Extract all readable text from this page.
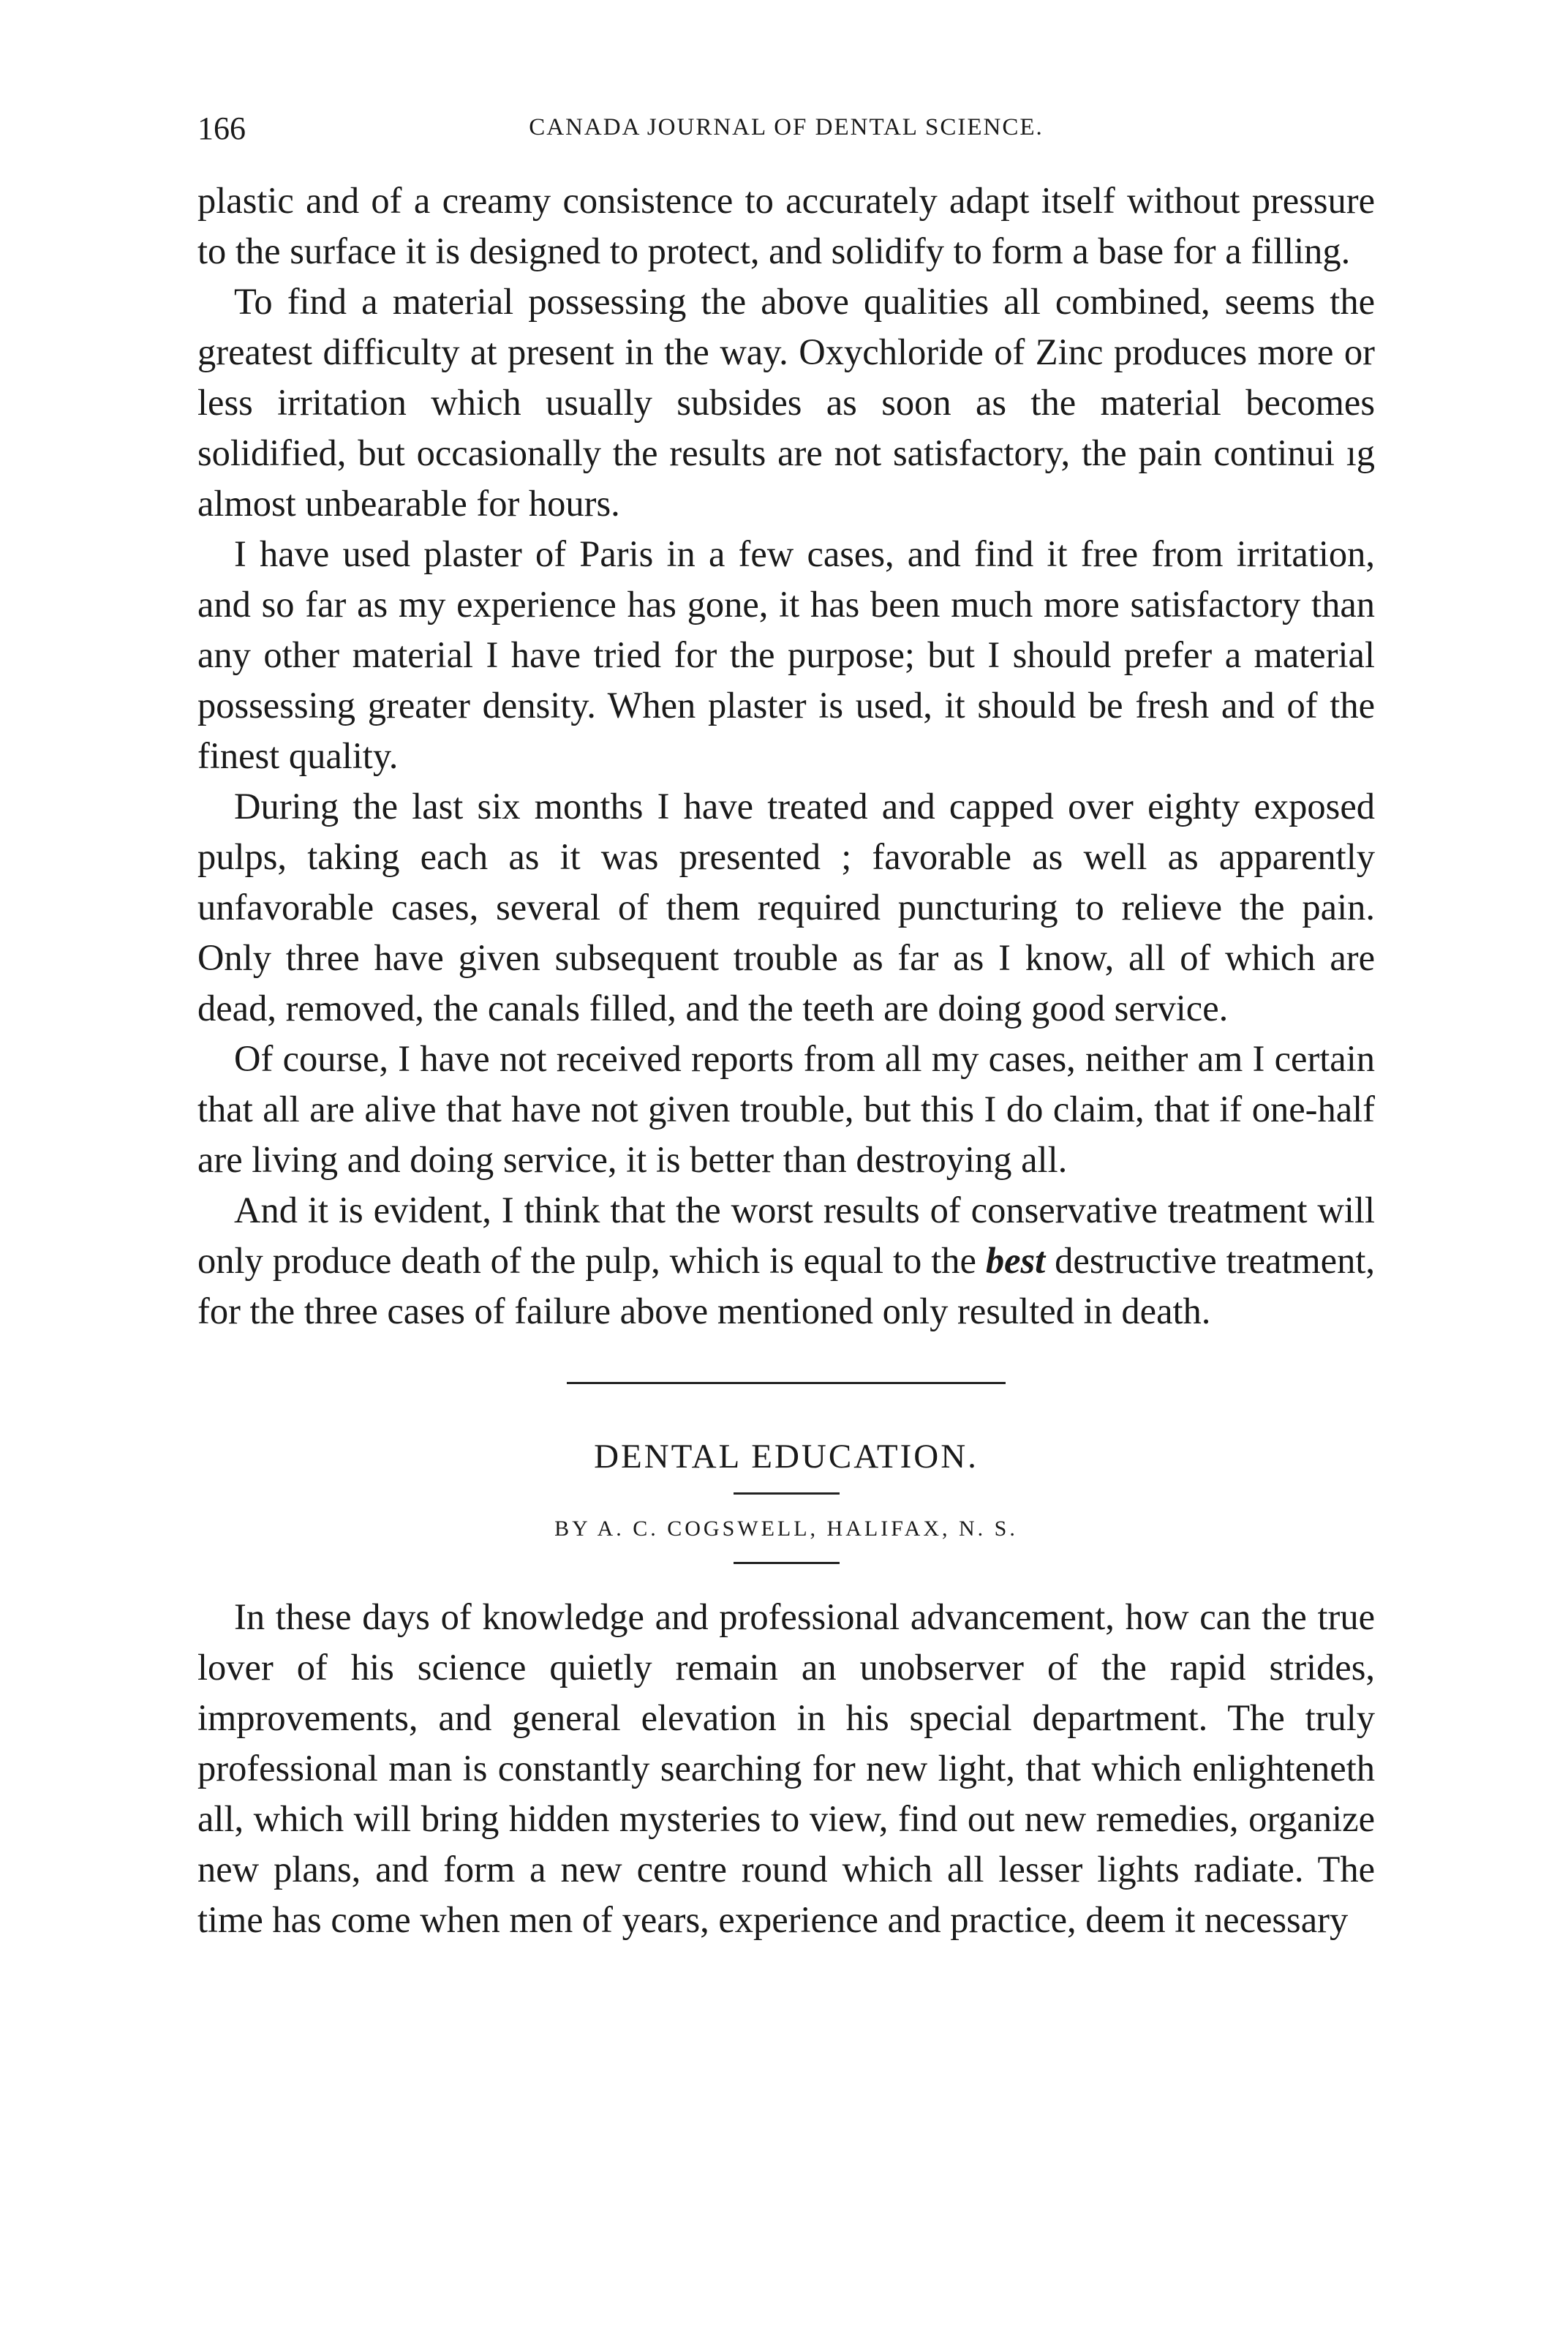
166	CANADA JOURNAL OF DENTAL SCIENCE.

plastic and of a creamy consistence to accurately adapt itself without pressure to the surface it is designed to protect, and solidify to form a base for a filling.

To find a material possessing the above qualities all combined, seems the greatest difficulty at present in the way. Oxychloride of Zinc produces more or less irritation which usually subsides as soon as the material becomes solidified, but occasionally the results are not satisfactory, the pain continui ıg almost unbearable for hours.

I have used plaster of Paris in a few cases, and find it free from irritation, and so far as my experience has gone, it has been much more satisfactory than any other material I have tried for the purpose; but I should prefer a material possessing greater density. When plaster is used, it should be fresh and of the finest quality.

During the last six months I have treated and capped over eighty exposed pulps, taking each as it was presented ; favorable as well as apparently unfavorable cases, several of them required puncturing to relieve the pain. Only three have given subsequent trouble as far as I know, all of which are dead, removed, the canals filled, and the teeth are doing good service.

Of course, I have not received reports from all my cases, neither am I certain that all are alive that have not given trouble, but this I do claim, that if one-half are living and doing service, it is better than destroying all.

And it is evident, I think that the worst results of conservative treatment will only produce death of the pulp, which is equal to the best destructive treatment, for the three cases of failure above mentioned only resulted in death.

DENTAL EDUCATION.
BY A. C. COGSWELL, HALIFAX, N. S.

In these days of knowledge and professional advancement, how can the true lover of his science quietly remain an unobserver of the rapid strides, improvements, and general elevation in his special department. The truly professional man is constantly searching for new light, that which enlighteneth all, which will bring hidden mysteries to view, find out new remedies, organize new plans, and form a new centre round which all lesser lights radiate. The time has come when men of years, experience and practice, deem it necessary
